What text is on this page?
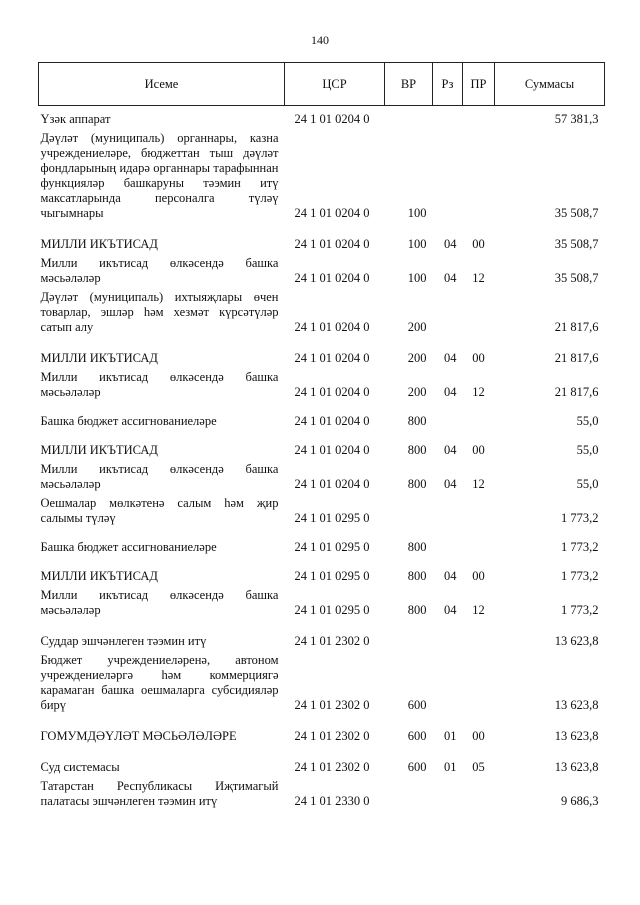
140
Исеме	ЦСР	ВР	Рз	ПР	Суммасы

Үзәк аппарат	24 1 01 0204 0				57 381,3

Дәүләт (муниципаль) органнары, казна учреждениеләре, бюджеттан тыш дәүләт фондларының идарә органнары тарафыннан функцияләр башкаруны тәэмин итү максатларында персоналга түләү чыгымнары	24 1 01 0204 0	100			35 508,7

МИЛЛИ ИКЪТИСАД	24 1 01 0204 0	100	04	00	35 508,7

Милли икътисад өлкәсендә башка мәсьәләләр	24 1 01 0204 0	100	04	12	35 508,7

Дәүләт (муниципаль) ихтыяҗлары өчен товарлар, эшләр һәм хезмәт күрсәтүләр сатып алу	24 1 01 0204 0	200			21 817,6

МИЛЛИ ИКЪТИСАД	24 1 01 0204 0	200	04	00	21 817,6

Милли икътисад өлкәсендә башка мәсьәләләр	24 1 01 0204 0	200	04	12	21 817,6

Башка бюджет ассигнованиеләре	24 1 01 0204 0	800			55,0

МИЛЛИ ИКЪТИСАД	24 1 01 0204 0	800	04	00	55,0

Милли икътисад өлкәсендә башка мәсьәләләр	24 1 01 0204 0	800	04	12	55,0

Оешмалар мөлкәтенә салым һәм җир салымы түләү	24 1 01 0295 0				1 773,2

Башка бюджет ассигнованиеләре	24 1 01 0295 0	800			1 773,2

МИЛЛИ ИКЪТИСАД	24 1 01 0295 0	800	04	00	1 773,2

Милли икътисад өлкәсендә башка мәсьәләләр	24 1 01 0295 0	800	04	12	1 773,2

Суддар эшчәнлеген тәэмин итү	24 1 01 2302 0				13 623,8

Бюджет учреждениеләренә, автоном учреждениеләргә һәм коммерциягә карамаган башка оешмаларга субсидияләр бирү	24 1 01 2302 0	600			13 623,8

ГОМУМДӘҮЛӘТ МӘСЬӘЛӘЛӘРЕ	24 1 01 2302 0	600	01	00	13 623,8

Суд системасы	24 1 01 2302 0	600	01	05	13 623,8

Татарстан Республикасы Иҗтимагый палатасы эшчәнлеген тәэмин итү	24 1 01 2330 0				9 686,3
